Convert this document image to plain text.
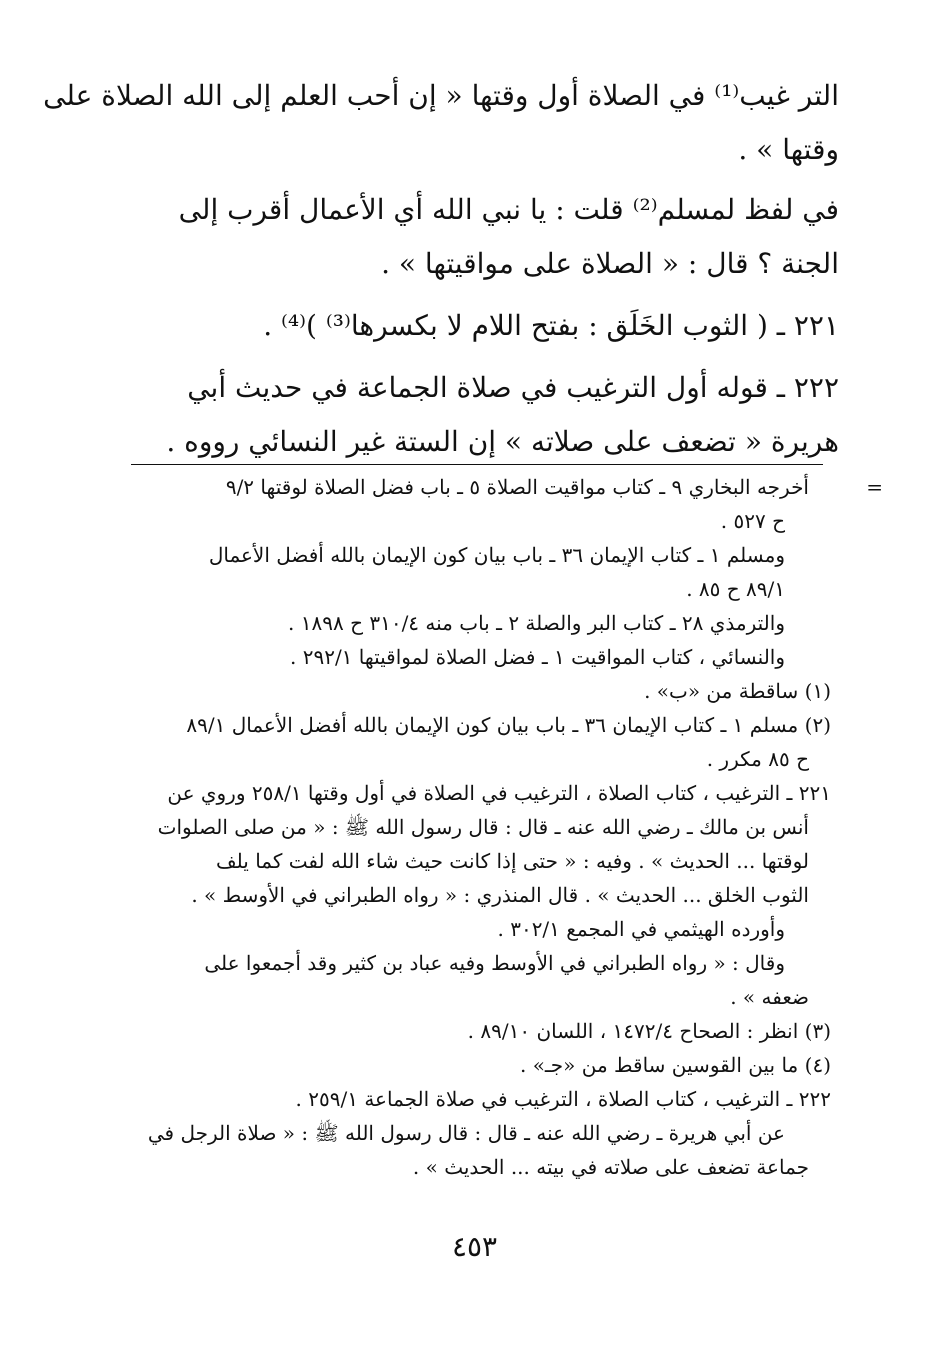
التر غيب⁽¹⁾ في الصلاة أول وقتها « إن أحب العلم إلى الله الصلاة على
وقتها » .
في لفظ لمسلم⁽²⁾ قلت : يا نبي الله أي الأعمال أقرب إلى
الجنة ؟ قال : « الصلاة على مواقيتها » .
٢٢١ ـ ( الثوب الخَلَق : بفتح اللام لا بكسرها⁽³⁾ )⁽⁴⁾ .
٢٢٢ ـ قوله أول الترغيب في صلاة الجماعة في حديث أبي
هريرة « تضعف على صلاته » إن الستة غير النسائي رووه .
=أخرجه البخاري ٩ ـ كتاب مواقيت الصلاة ٥ ـ باب فضل الصلاة لوقتها ٩/٢
ح ٥٢٧ .
ومسلم ١ ـ كتاب الإيمان ٣٦ ـ باب بيان كون الإيمان بالله أفضل الأعمال
٨٩/١ ح ٨٥ .
والترمذي ٢٨ ـ كتاب البر والصلة ٢ ـ باب منه ٣١٠/٤ ح ١٨٩٨ .
والنسائي ، كتاب المواقيت ١ ـ فضل الصلاة لمواقيتها ٢٩٢/١ .
(١) ساقطة من «ب» .
(٢) مسلم ١ ـ كتاب الإيمان ٣٦ ـ باب بيان كون الإيمان بالله أفضل الأعمال ٨٩/١
ح ٨٥ مكرر .
٢٢١ ـ الترغيب ، كتاب الصلاة ، الترغيب في الصلاة في أول وقتها ٢٥٨/١ وروي عن
أنس بن مالك ـ رضي الله عنه ـ قال : قال رسول الله ﷺ : « من صلى الصلوات
لوقتها ... الحديث » . وفيه : « حتى إذا كانت حيث شاء الله لفت كما يلف
الثوب الخلق ... الحديث » . قال المنذري : « رواه الطبراني في الأوسط » .
وأورده الهيثمي في المجمع ٣٠٢/١ .
وقال : « رواه الطبراني في الأوسط وفيه عباد بن كثير وقد أجمعوا على
ضعفه » .
(٣) انظر : الصحاح ١٤٧٢/٤ ، اللسان ٨٩/١٠ .
(٤) ما بين القوسين ساقط من «جـ» .
٢٢٢ ـ الترغيب ، كتاب الصلاة ، الترغيب في صلاة الجماعة ٢٥٩/١ .
عن أبي هريرة ـ رضي الله عنه ـ قال : قال رسول الله ﷺ : « صلاة الرجل في
جماعة تضعف على صلاته في بيته ... الحديث » .
٤٥٣
